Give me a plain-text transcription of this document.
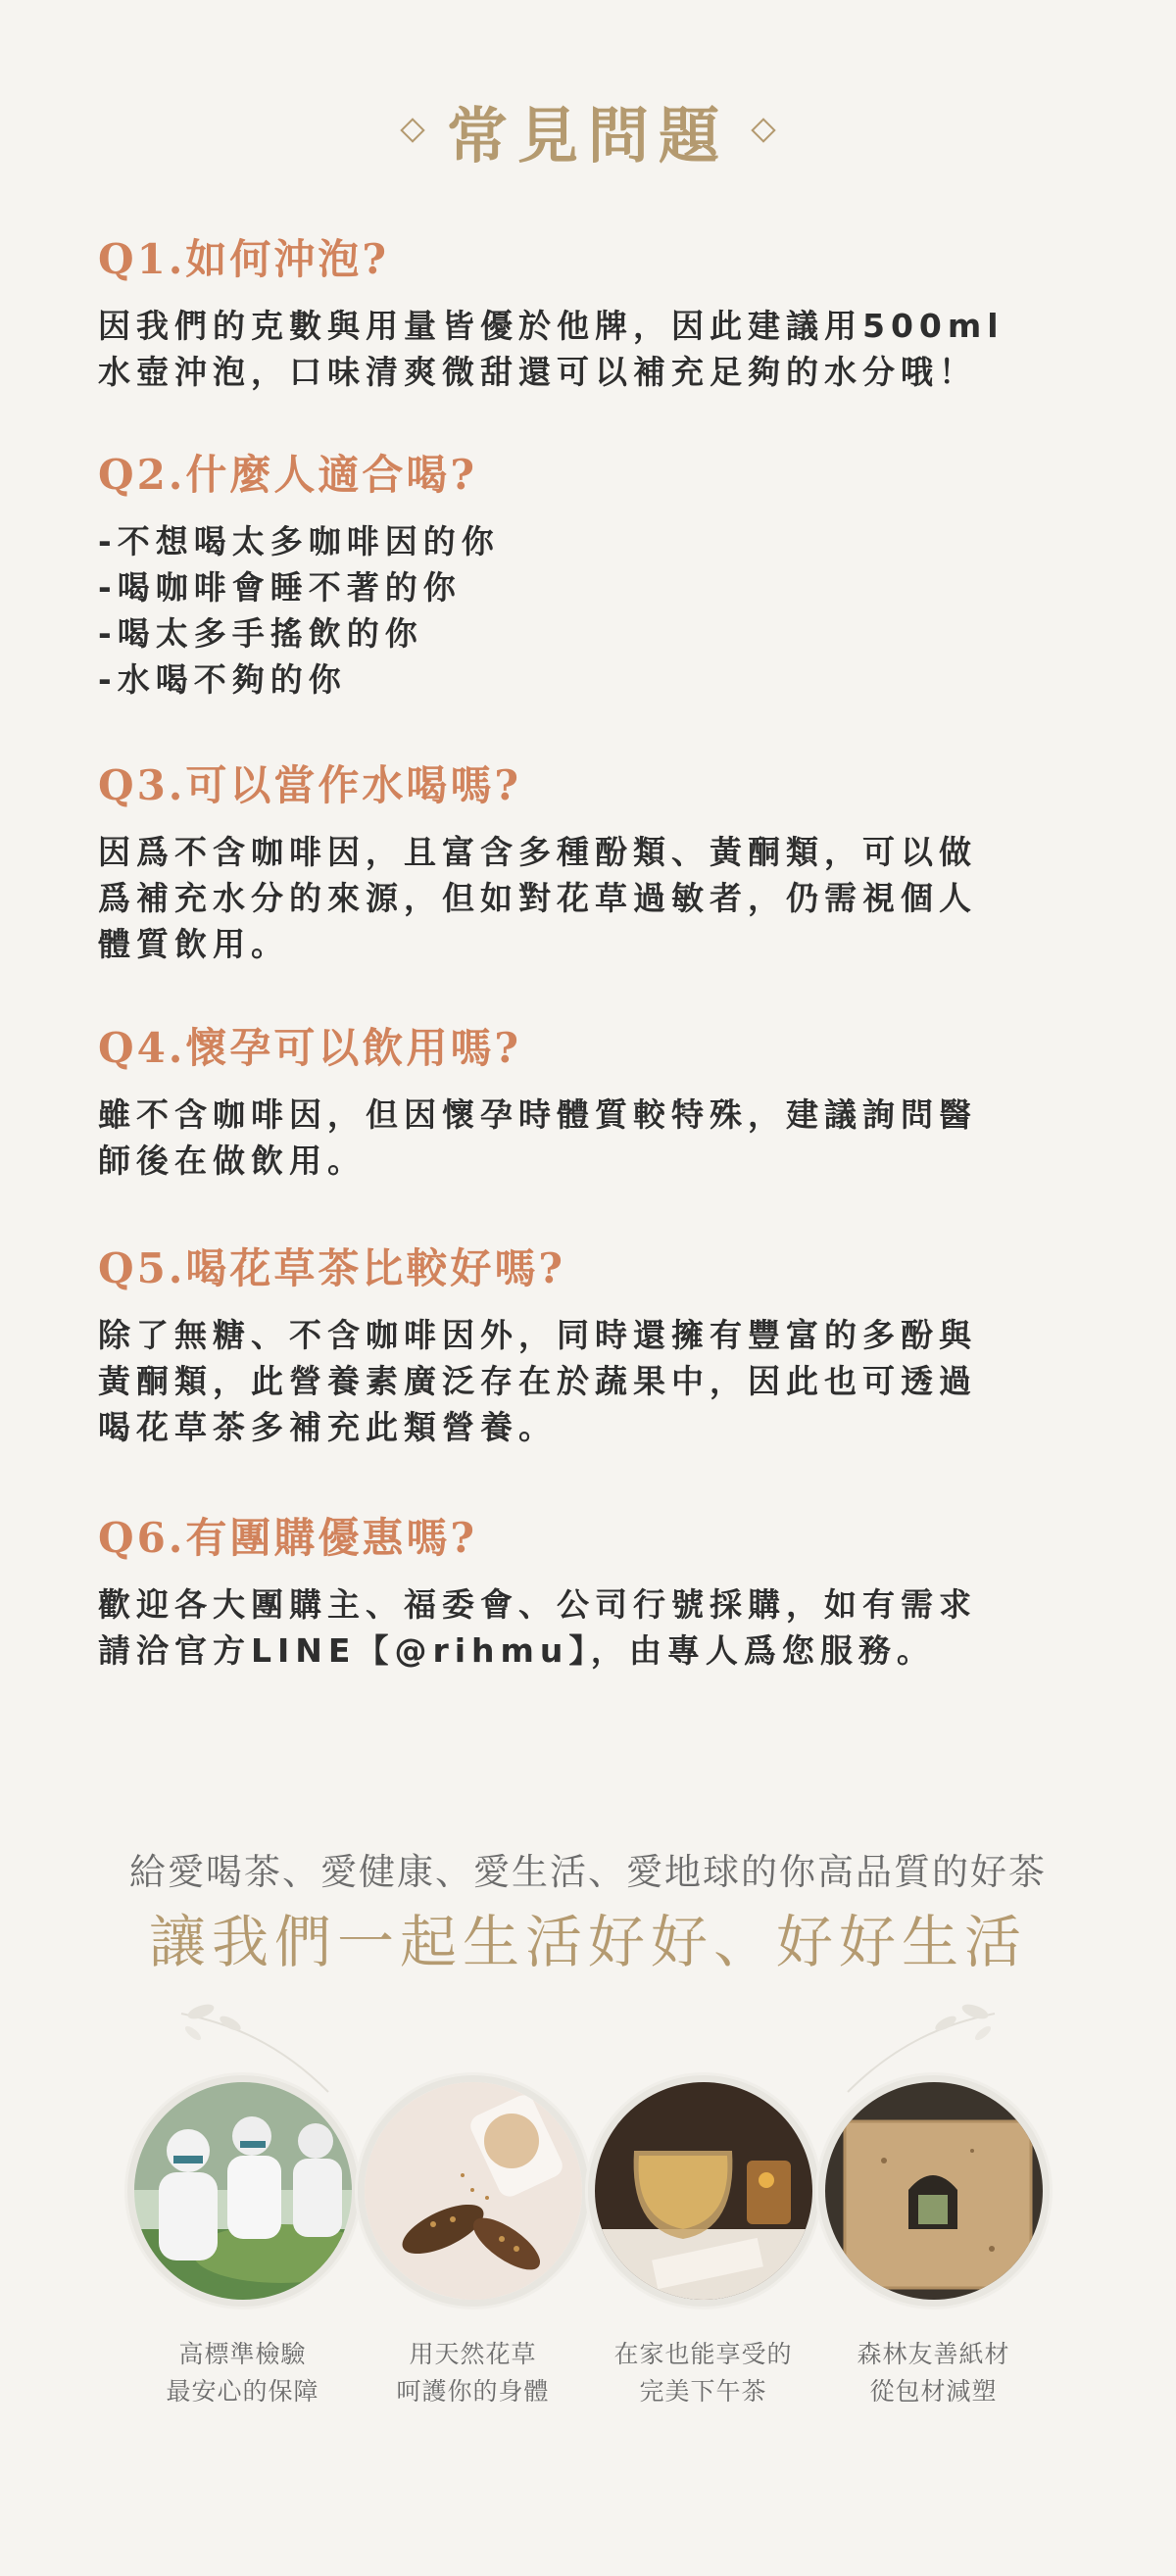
常見問題
Q1.如何沖泡?
因我們的克數與用量皆優於他牌，因此建議用500ml
水壺沖泡，口味清爽微甜還可以補充足夠的水分哦！
Q2.什麼人適合喝?
-不想喝太多咖啡因的你
-喝咖啡會睡不著的你
-喝太多手搖飲的你
-水喝不夠的你
Q3.可以當作水喝嗎?
因爲不含咖啡因，且富含多種酚類、黃酮類，可以做
爲補充水分的來源，但如對花草過敏者，仍需視個人
體質飲用。
Q4.懷孕可以飲用嗎?
雖不含咖啡因，但因懷孕時體質較特殊，建議詢問醫
師後在做飲用。
Q5.喝花草茶比較好嗎?
除了無糖、不含咖啡因外，同時還擁有豐富的多酚與
黃酮類，此營養素廣泛存在於蔬果中，因此也可透過
喝花草茶多補充此類營養。
Q6.有團購優惠嗎?
歡迎各大團購主、福委會、公司行號採購，如有需求
請洽官方LINE【@rihmu】，由專人爲您服務。
給愛喝茶、愛健康、愛生活、愛地球的你高品質的好茶
讓我們一起生活好好、好好生活
高標準檢驗
最安心的保障
用天然花草
呵護你的身體
在家也能享受的
完美下午茶
森林友善紙材
從包材減塑
